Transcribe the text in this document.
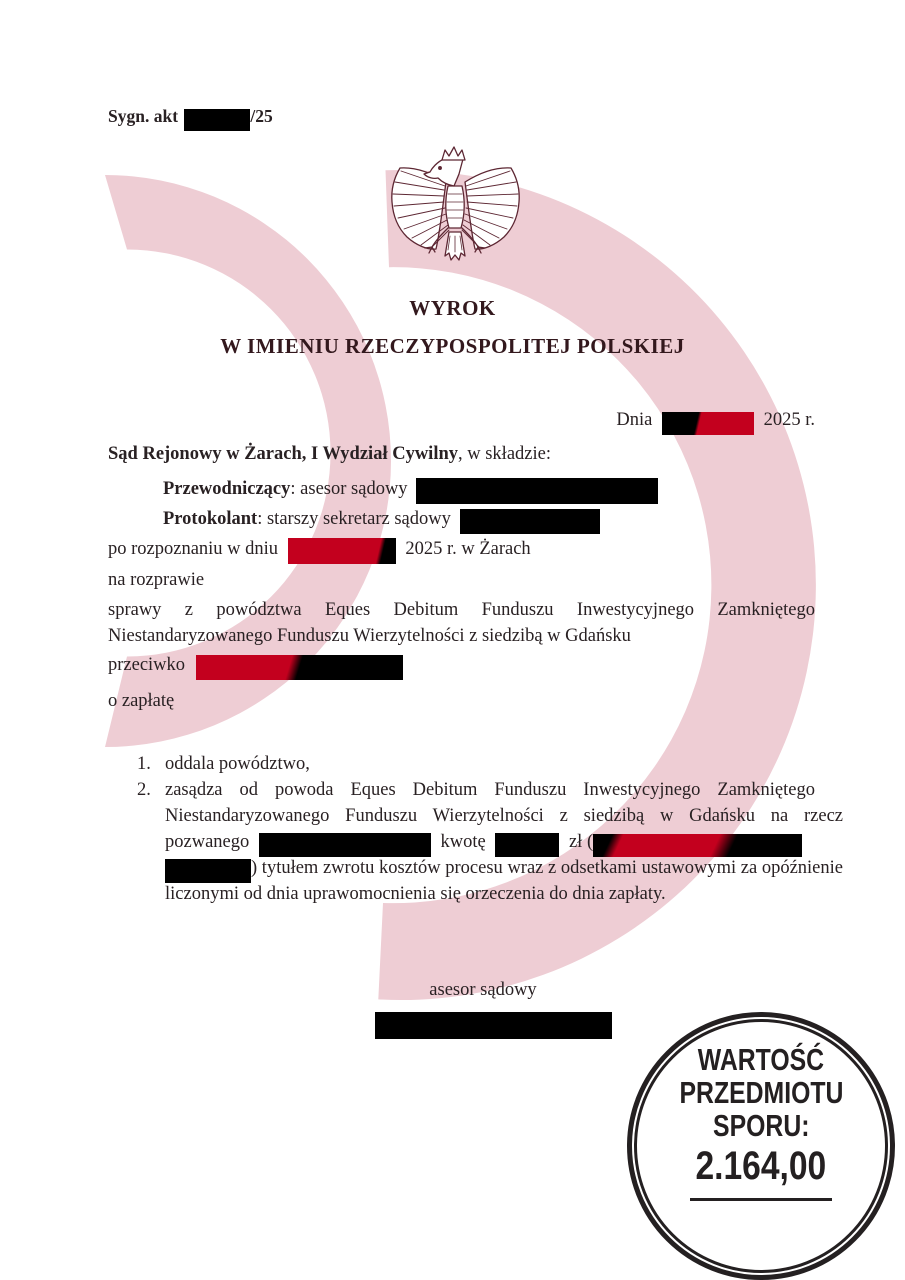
Sygn. akt	/25
WYROK
W IMIENIU RZECZYPOSPOLITEJ POLSKIEJ
Dnia	2025 r.
Sąd Rejonowy w Żarach, I Wydział Cywilny, w składzie:
Przewodniczący: asesor sądowy
Protokolant: starszy sekretarz sądowy
po rozpoznaniu w dniu	2025 r. w Żarach
na rozprawie
sprawy z powództwa Eques Debitum Funduszu Inwestycyjnego Zamkniętego
Niestandaryzowanego Funduszu Wierzytelności z siedzibą w Gdańsku
przeciwko
o zapłatę
1. oddala powództwo,
2. zasądza od powoda Eques Debitum Funduszu Inwestycyjnego Zamkniętego
Niestandaryzowanego Funduszu Wierzytelności z siedzibą w Gdańsku na rzecz
pozwanego	kwotę	zł (
) tytułem zwrotu kosztów procesu wraz z odsetkami ustawowymi za opóźnienie
liczonymi od dnia uprawomocnienia się orzeczenia do dnia zapłaty.
asesor sądowy
WARTOŚĆ
PRZEDMIOTU
SPORU:
2.164,00
